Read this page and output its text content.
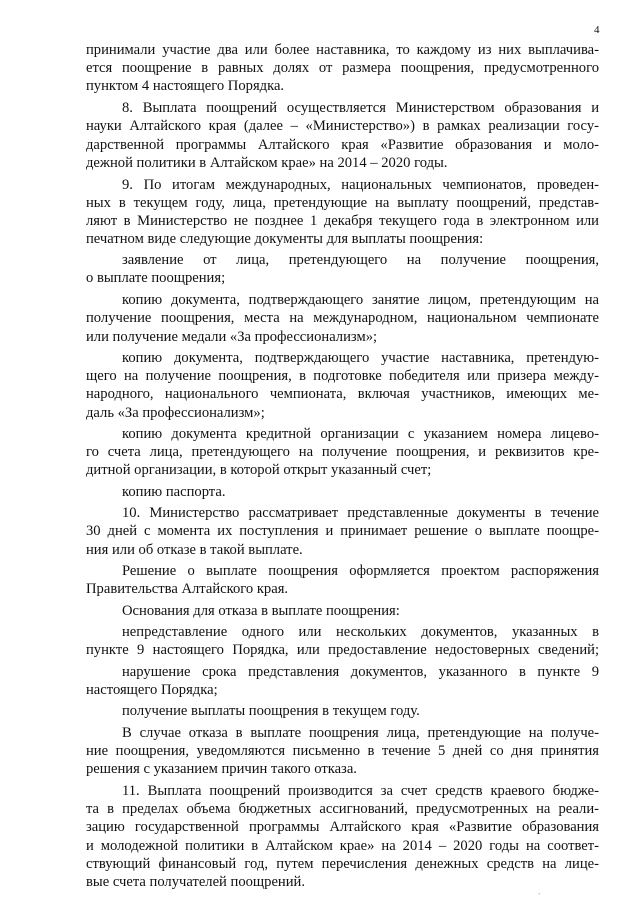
4
принимали участие два или более наставника, то каждому из них выплачива-
ется поощрение в равных долях от размера поощрения, предусмотренного
пунктом 4 настоящего Порядка.
8. Выплата поощрений осуществляется Министерством образования и
науки Алтайского края (далее – «Министерство») в рамках реализации госу-
дарственной программы Алтайского края «Развитие образования и моло-
дежной политики в Алтайском крае» на 2014 – 2020 годы.
9. По итогам международных, национальных чемпионатов, проведен-
ных в текущем году, лица, претендующие на выплату поощрений, представ-
ляют в Министерство не позднее 1 декабря текущего года в электронном или
печатном виде следующие документы для выплаты поощрения:
заявление от лица, претендующего на получение поощрения,
о выплате поощрения;
копию документа, подтверждающего занятие лицом, претендующим на
получение поощрения, места на международном, национальном чемпионате
или получение медали «За профессионализм»;
копию документа, подтверждающего участие наставника, претендую-
щего на получение поощрения, в подготовке победителя или призера между-
народного, национального чемпионата, включая участников, имеющих ме-
даль «За профессионализм»;
копию документа кредитной организации с указанием номера лицево-
го счета лица, претендующего на получение поощрения, и реквизитов кре-
дитной организации, в которой открыт указанный счет;
копию паспорта.
10. Министерство рассматривает представленные документы в течение
30 дней с момента их поступления и принимает решение о выплате поощре-
ния или об отказе в такой выплате.
Решение о выплате поощрения оформляется проектом распоряжения
Правительства Алтайского края.
Основания для отказа в выплате поощрения:
непредставление одного или нескольких документов, указанных в
пункте 9 настоящего Порядка, или предоставление недостоверных сведений;
нарушение срока представления документов, указанного в пункте 9
настоящего Порядка;
получение выплаты поощрения в текущем году.
В случае отказа в выплате поощрения лица, претендующие на получе-
ние поощрения, уведомляются письменно в течение 5 дней со дня принятия
решения с указанием причин такого отказа.
11. Выплата поощрений производится за счет средств краевого бюдже-
та в пределах объема бюджетных ассигнований, предусмотренных на реали-
зацию государственной программы Алтайского края «Развитие образования
и молодежной политики в Алтайском крае» на 2014 – 2020 годы на соответ-
ствующий финансовый год, путем перечисления денежных средств на лице-
вые счета получателей поощрений.
`
